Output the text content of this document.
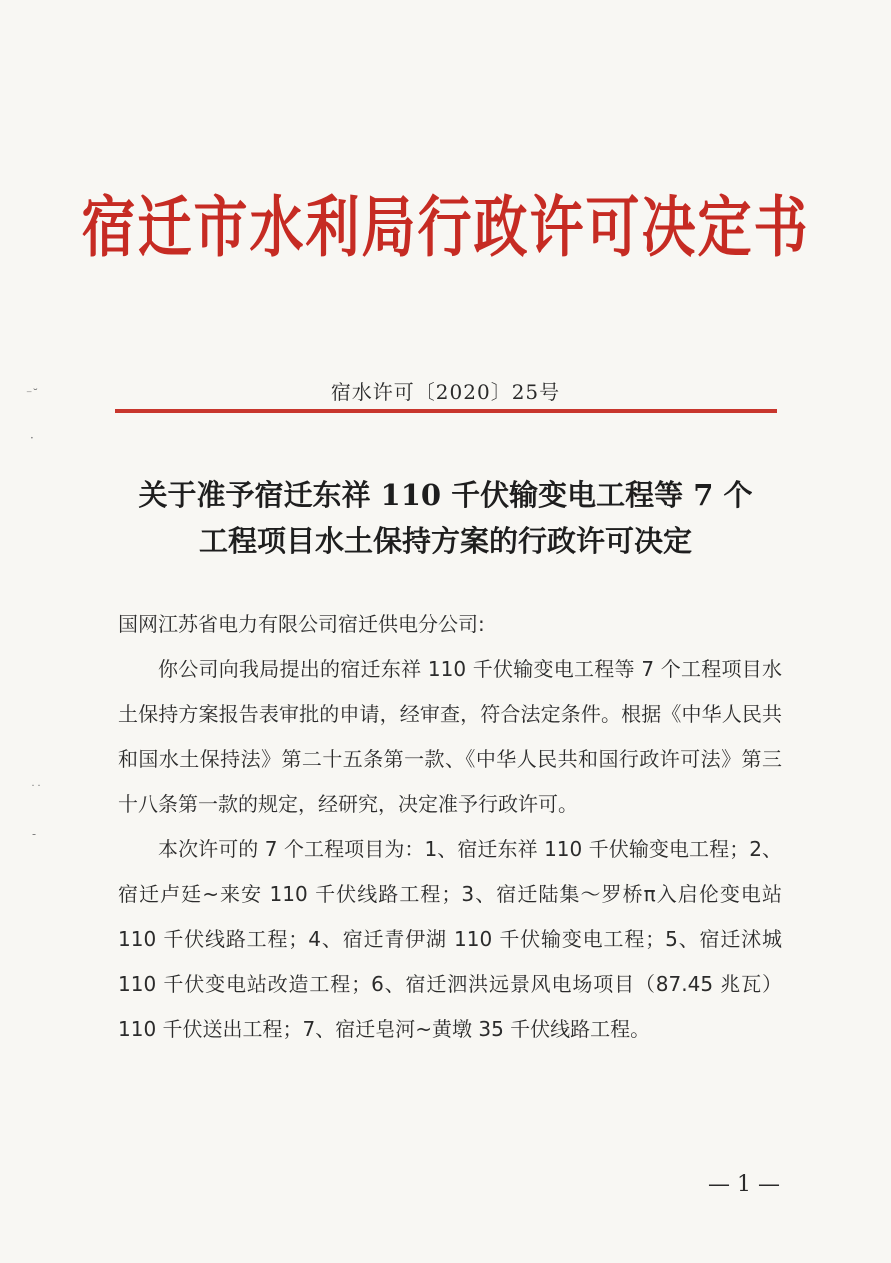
宿迁市水利局行政许可决定书
宿水许可〔2020〕25号
关于准予宿迁东祥 110 千伏输变电工程等 7 个
工程项目水土保持方案的行政许可决定

国网江苏省电力有限公司宿迁供电分公司:

你公司向我局提出的宿迁东祥 110 千伏输变电工程等 7 个工程项目水土保持方案报告表审批的申请，经审查，符合法定条件。根据《中华人民共和国水土保持法》第二十五条第一款、《中华人民共和国行政许可法》第三十八条第一款的规定，经研究，决定准予行政许可。

本次许可的 7 个工程项目为：1、宿迁东祥 110 千伏输变电工程；2、宿迁卢廷~来安 110 千伏线路工程；3、宿迁陆集～罗桥π入启伦变电站 110 千伏线路工程；4、宿迁青伊湖 110 千伏输变电工程；5、宿迁沭城 110 千伏变电站改造工程；6、宿迁泗洪远景风电场项目（87.45 兆瓦）110 千伏送出工程；7、宿迁皂河~黄墩 35 千伏线路工程。

— 1 —
⁻˘
·
˙˙
-
